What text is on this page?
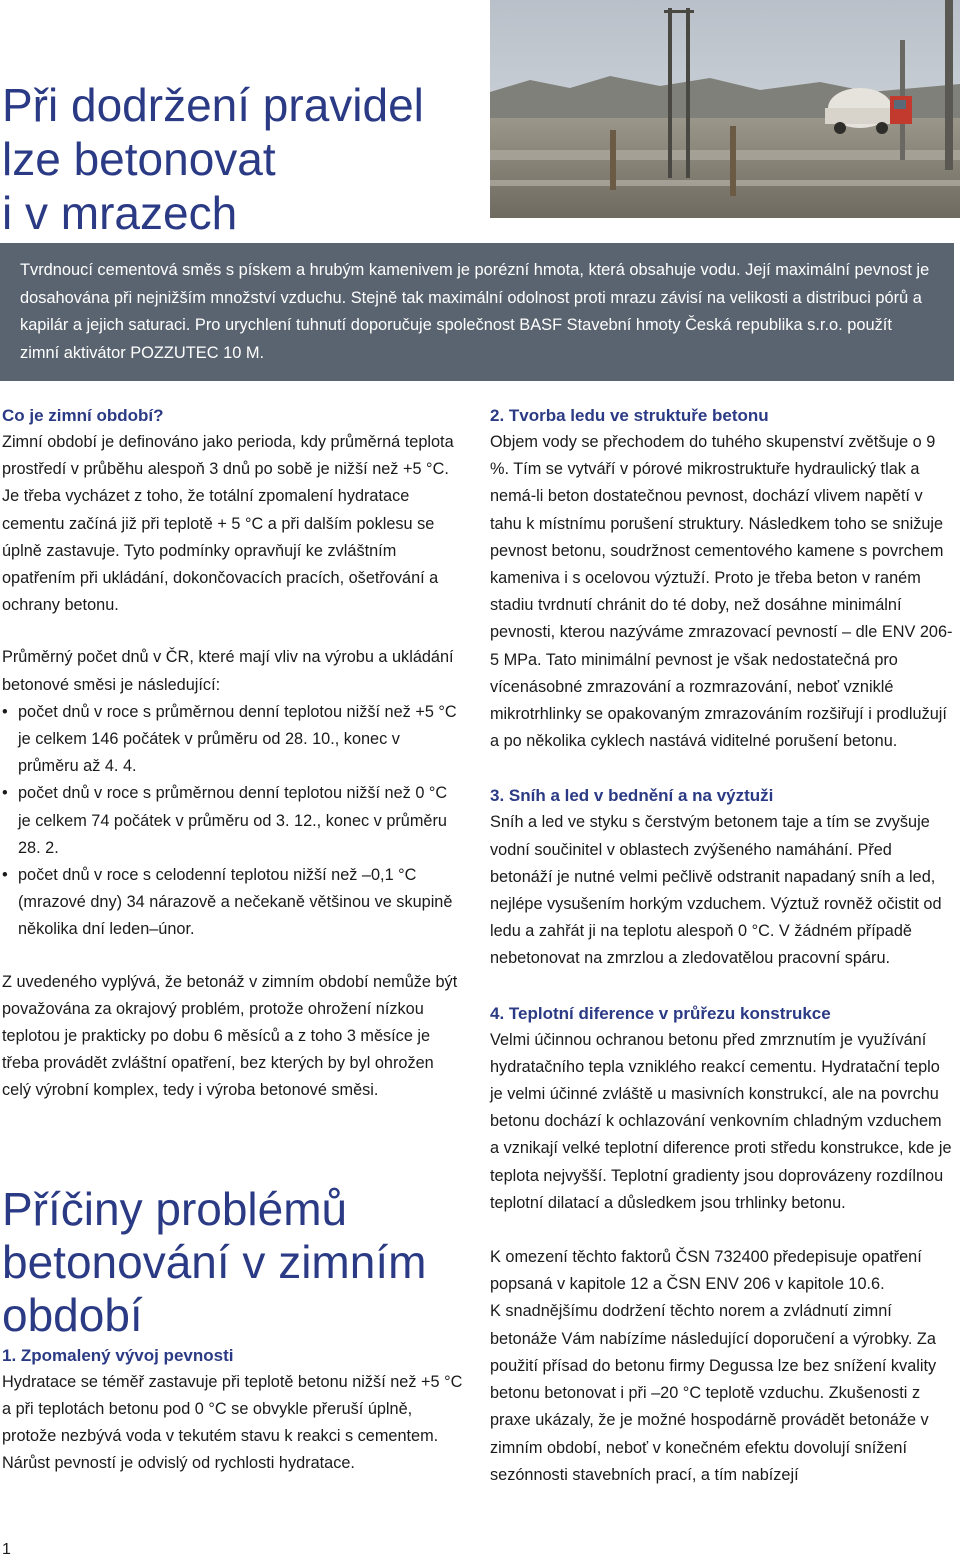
Při dodržení pravidel
lze betonovat
i v mrazech

Tvrdnoucí cementová směs s pískem a hrubým kamenivem je porézní hmota, která obsahuje vodu. Její maximální pevnost je dosahována při nejnižším množství vzduchu. Stejně tak maximální odolnost proti mrazu závisí na velikosti a distribuci pórů a kapilár a jejich saturaci. Pro urychlení tuhnutí doporučuje společnost BASF Stavební hmoty Česká republika s.r.o. použít zimní aktivátor POZZUTEC 10 M.

Co je zimní období?

Zimní období je definováno jako perioda, kdy průměrná teplota prostředí v průběhu alespoň 3 dnů po sobě je nižší než +5 °C. Je třeba vycházet z toho, že totální zpomalení hydratace cementu začíná již při teplotě + 5 °C a při dalším poklesu se úplně zastavuje. Tyto podmínky opravňují ke zvláštním opatřením při ukládání, dokončovacích pracích, ošetřování a ochrany betonu.

Průměrný počet dnů v ČR, které mají vliv na výrobu a ukládání betonové směsi je následující:

• počet dnů v roce s průměrnou denní teplotou nižší než +5 °C je celkem 146 počátek v průměru od 28. 10., konec v průměru až 4. 4.
• počet dnů v roce s průměrnou denní teplotou nižší než 0 °C je celkem 74 počátek v průměru od 3. 12., konec v průměru 28. 2.
• počet dnů v roce s celodenní teplotou nižší než –0,1 °C (mrazové dny) 34 nárazově a nečekaně většinou ve skupině několika dní leden–únor.

Z uvedeného vyplývá, že betonáž v zimním období nemůže být považována za okrajový problém, protože ohrožení nízkou teplotou je prakticky po dobu 6 měsíců a z toho 3 měsíce je třeba provádět zvláštní opatření, bez kterých by byl ohrožen celý výrobní komplex, tedy i výroba betonové směsi.

Příčiny problémů
betonování v zimním
období
1. Zpomalený vývoj pevnosti

Hydratace se téměř zastavuje při teplotě betonu nižší než +5 °C a při teplotách betonu pod 0 °C se obvykle přeruší úplně, protože nezbývá voda v tekutém stavu k reakci s cementem. Nárůst pevností je odvislý od rychlosti hydratace.

2. Tvorba ledu ve struktuře betonu

Objem vody se přechodem do tuhého skupenství zvětšuje o 9 %. Tím se vytváří v pórové mikrostruktuře hydraulický tlak a nemá-li beton dostatečnou pevnost, dochází vlivem napětí v tahu k místnímu porušení struktury. Následkem toho se snižuje pevnost betonu, soudržnost cementového kamene s povrchem kameniva i s ocelovou výztuží. Proto je třeba beton v raném stadiu tvrdnutí chránit do té doby, než dosáhne minimální pevnosti, kterou nazýváme zmrazovací pevností – dle ENV 206-5 MPa. Tato minimální pevnost je však nedostatečná pro vícenásobné zmrazování a rozmrazování, neboť vzniklé mikrotrhlinky se opakovaným zmrazováním rozšiřují i prodlužují a po několika cyklech nastává viditelné porušení betonu.

3. Sníh a led v bednění a na výztuži

Sníh a led ve styku s čerstvým betonem taje a tím se zvyšuje vodní součinitel v oblastech zvýšeného namáhání. Před betonáží je nutné velmi pečlivě odstranit napadaný sníh a led, nejlépe vysušením horkým vzduchem. Výztuž rovněž očistit od ledu a zahřát ji na teplotu alespoň 0 °C. V žádném případě nebetonovat na zmrzlou a zledovatělou pracovní spáru.

4. Teplotní diference v průřezu konstrukce

Velmi účinnou ochranou betonu před zmrznutím je využívání hydratačního tepla vzniklého reakcí cementu. Hydratační teplo je velmi účinné zvláště u masivních konstrukcí, ale na povrchu betonu dochází k ochlazování venkovním chladným vzduchem a vznikají velké teplotní diference proti středu konstrukce, kde je teplota nejvyšší. Teplotní gradienty jsou doprovázeny rozdílnou teplotní dilatací a důsledkem jsou trhlinky betonu.

K omezení těchto faktorů ČSN 732400 předepisuje opatření popsaná v kapitole 12 a ČSN ENV 206 v kapitole 10.6.

K snadnějšímu dodržení těchto norem a zvládnutí zimní betonáže Vám nabízíme následující doporučení a výrobky. Za použití přísad do betonu firmy Degussa lze bez snížení kvality betonu betonovat i při –20 °C teplotě vzduchu. Zkušenosti z praxe ukázaly, že je možné hospodárně provádět betonáže v zimním období, neboť v konečném efektu dovolují snížení sezónnosti stavebních prací, a tím nabízejí

1
